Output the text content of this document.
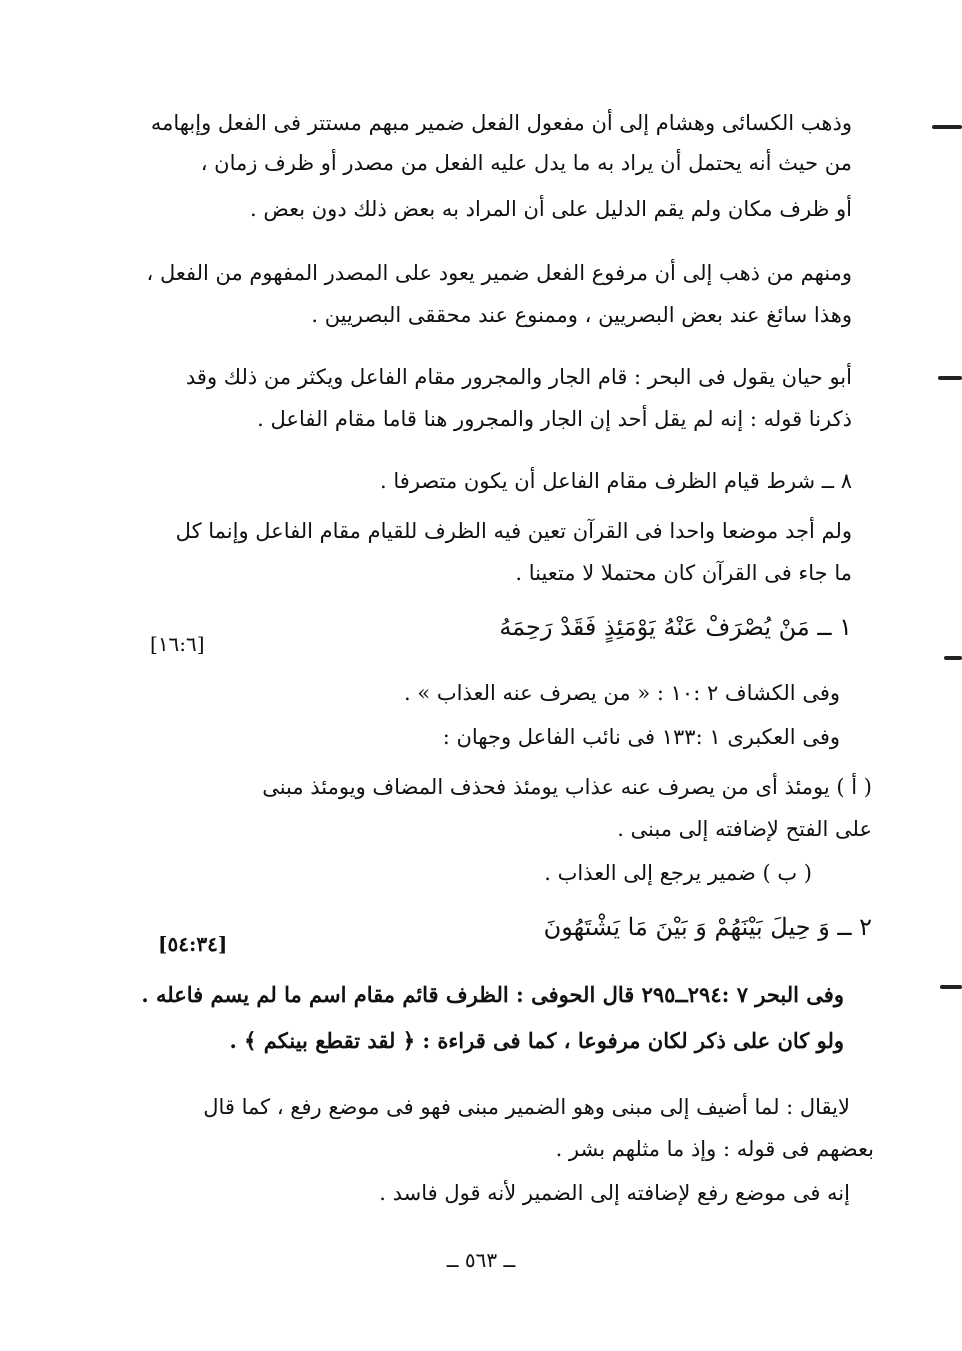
وذهب الكسائى وهشام إلى أن مفعول الفعل ضمير مبهم مستتر فى الفعل وإبهامه
من حيث أنه يحتمل أن يراد به ما يدل عليه الفعل من مصدر أو ظرف زمان ،
أو ظرف مكان ولم يقم الدليل على أن المراد به بعض ذلك دون بعض .
ومنهم من ذهب إلى أن مرفوع الفعل ضمير يعود على المصدر المفهوم من الفعل ،
وهذا سائغ عند بعض البصريين ، وممنوع عند محققى البصريين .
أبو حيان يقول فى البحر : قام الجار والمجرور مقام الفاعل ويكثر من ذلك وقد
ذكرنا قوله : إنه لم يقل أحد إن الجار والمجرور هنا قاما مقام الفاعل .
٨ ــ شرط قيام الظرف مقام الفاعل أن يكون متصرفا .
ولم أجد موضعا واحدا فى القرآن تعين فيه الظرف للقيام مقام الفاعل وإنما كل
ما جاء فى القرآن كان محتملا لا متعينا .
١ ــ مَنْ يُصْرَفْ عَنْهُ يَوْمَئِذٍ فَقَدْ رَحِمَهُ
[١٦:٦]
وفى الكشاف ٢ :١٠ : « من يصرف عنه العذاب » .
وفى العكبرى ١ :١٣٣ فى نائب الفاعل وجهان :
( أ ) يومئذ أى من يصرف عنه عذاب يومئذ فحذف المضاف ويومئذ مبنى
على الفتح لإضافته إلى مبنى .
( ب ) ضمير يرجع إلى العذاب .
٢ ــ وَ حِيلَ بَيْنَهُمْ وَ بَيْنَ مَا يَشْتَهُونَ
[٥٤:٣٤]
وفى البحر ٧ :٢٩٤ــ٢٩٥ قال الحوفى : الظرف قائم مقام اسم ما لم يسم فاعله .
ولو كان على ذكر لكان مرفوعا ، كما فى قراءة : ﴿ لقد تقطع بينكم ﴾ .
لايقال : لما أضيف إلى مبنى وهو الضمير مبنى فهو فى موضع رفع ، كما قال
بعضهم فى قوله : وإذ ما مثلهم بشر .
إنه فى موضع رفع لإضافته إلى الضمير لأنه قول فاسد .
ــ ٥٦٣ ــ
